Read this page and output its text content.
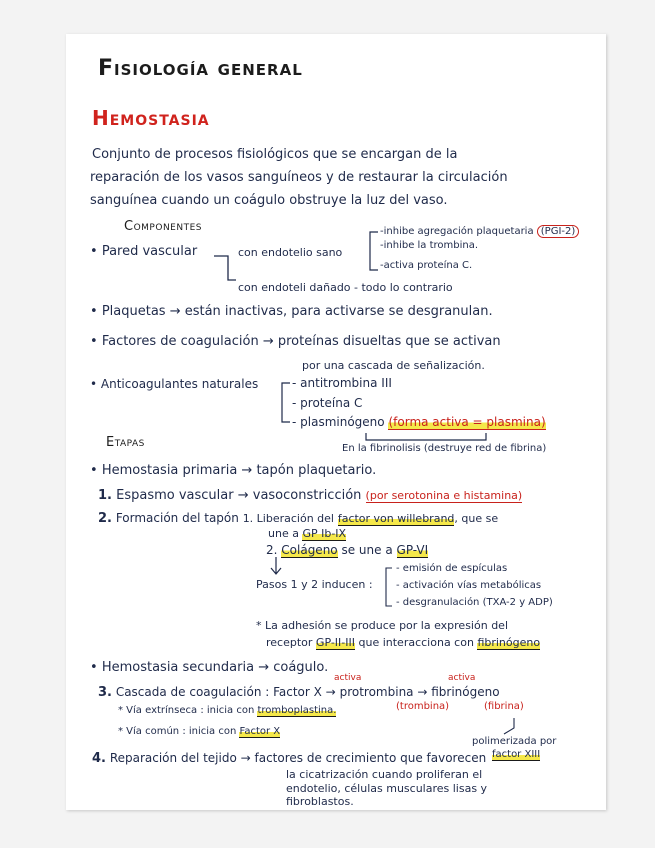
Fisiología general
Hemostasia
Conjunto de procesos fisiológicos que se encargan de la
reparación de los vasos sanguíneos y de restaurar la circulación
sanguínea cuando un coágulo obstruye la luz del vaso.
Componentes
• Pared vascular	con endotelio sano
-inhibe agregación plaquetaria (PGI-2)
-inhibe la trombina.
-activa proteína C.
con endoteli dañado - todo lo contrario
• Plaquetas → están inactivas, para activarse se desgranulan.
• Factores de coagulación → proteínas disueltas que se activan
por una cascada de señalización.
• Anticoagulantes naturales	- antitrombina III
- proteína C
- plasminógeno (forma activa = plasmina)
En la fibrinolisis (destruye red de fibrina)
Etapas
• Hemostasia primaria → tapón plaquetario.
1. Espasmo vascular → vasoconstricción (por serotonina e histamina)
2. Formación del tapón 1. Liberación del factor von willebrand, que se
une a GP Ib-IX
2. Colágeno se une a GP-VI
Pasos 1 y 2 inducen :
- emisión de espículas
- activación vías metabólicas
- desgranulación (TXA-2 y ADP)
* La adhesión se produce por la expresión del
receptor GP-II-III que interacciona con fibrinógeno
• Hemostasia secundaria → coágulo.
activa	activa
3. Cascada de coagulación : Factor X → protrombina → fibrinógeno
(trombina)	(fibrina)
* Vía extrínseca : inicia con tromboplastina.
* Vía común : inicia con Factor X
polimerizada por
factor XIII
4. Reparación del tejido → factores de crecimiento que favorecen
la cicatrización cuando proliferan el
endotelio, células musculares lisas y
fibroblastos.
